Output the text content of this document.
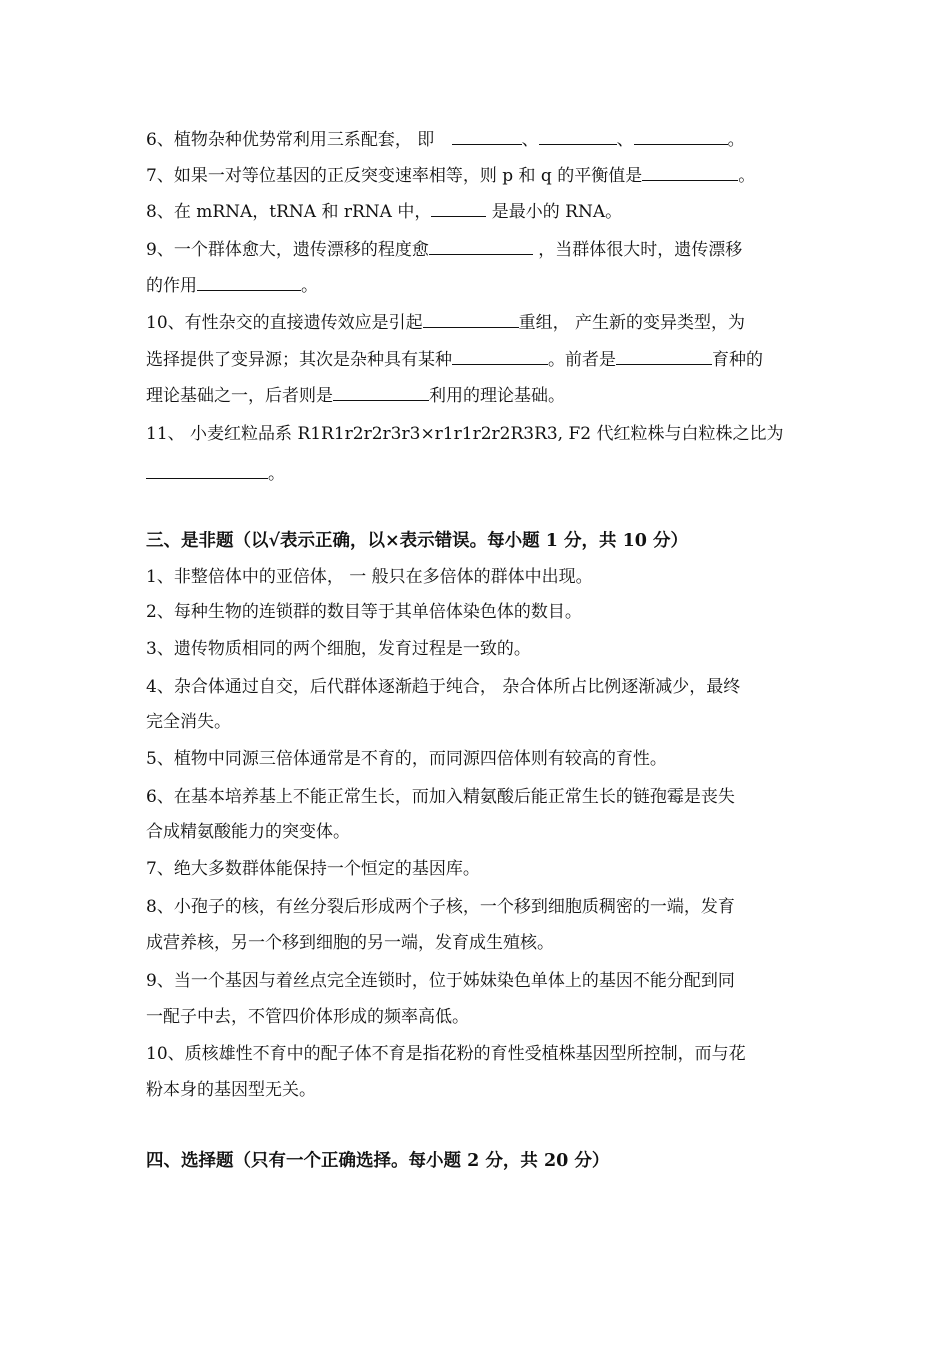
6、植物杂种优势常利用三系配套， 即	、	、	。
7、如果一对等位基因的正反突变速率相等，则 p 和 q 的平衡值是	。
8、在 mRNA，tRNA 和 rRNA 中，	是最小的 RNA。
9、一个群体愈大，遗传漂移的程度愈	，当群体很大时，遗传漂移
的作用	。
10、有性杂交的直接遗传效应是引起	重组， 产生新的变异类型，为
选择提供了变异源；其次是杂种具有某种	。前者是	育种的
理论基础之一，后者则是	利用的理论基础。
11、 小麦红粒品系 R1R1r2r2r3r3×r1r1r2r2R3R3, F2 代红粒株与白粒株之比为
。
三、是非题（以√表示正确，以×表示错误。每小题 1 分，共 10 分）
1、非整倍体中的亚倍体， 一 般只在多倍体的群体中出现。
2、每种生物的连锁群的数目等于其单倍体染色体的数目。
3、遗传物质相同的两个细胞，发育过程是一致的。
4、杂合体通过自交，后代群体逐渐趋于纯合， 杂合体所占比例逐渐减少，最终
完全消失。
5、植物中同源三倍体通常是不育的，而同源四倍体则有较高的育性。
6、在基本培养基上不能正常生长，而加入精氨酸后能正常生长的链孢霉是丧失
合成精氨酸能力的突变体。
7、绝大多数群体能保持一个恒定的基因库。
8、小孢子的核，有丝分裂后形成两个子核，一个移到细胞质稠密的一端，发育
成营养核，另一个移到细胞的另一端，发育成生殖核。
9、当一个基因与着丝点完全连锁时，位于姊妹染色单体上的基因不能分配到同
一配子中去，不管四价体形成的频率高低。
10、质核雄性不育中的配子体不育是指花粉的育性受植株基因型所控制，而与花
粉本身的基因型无关。
四、选择题（只有一个正确选择。每小题 2 分，共 20 分）
